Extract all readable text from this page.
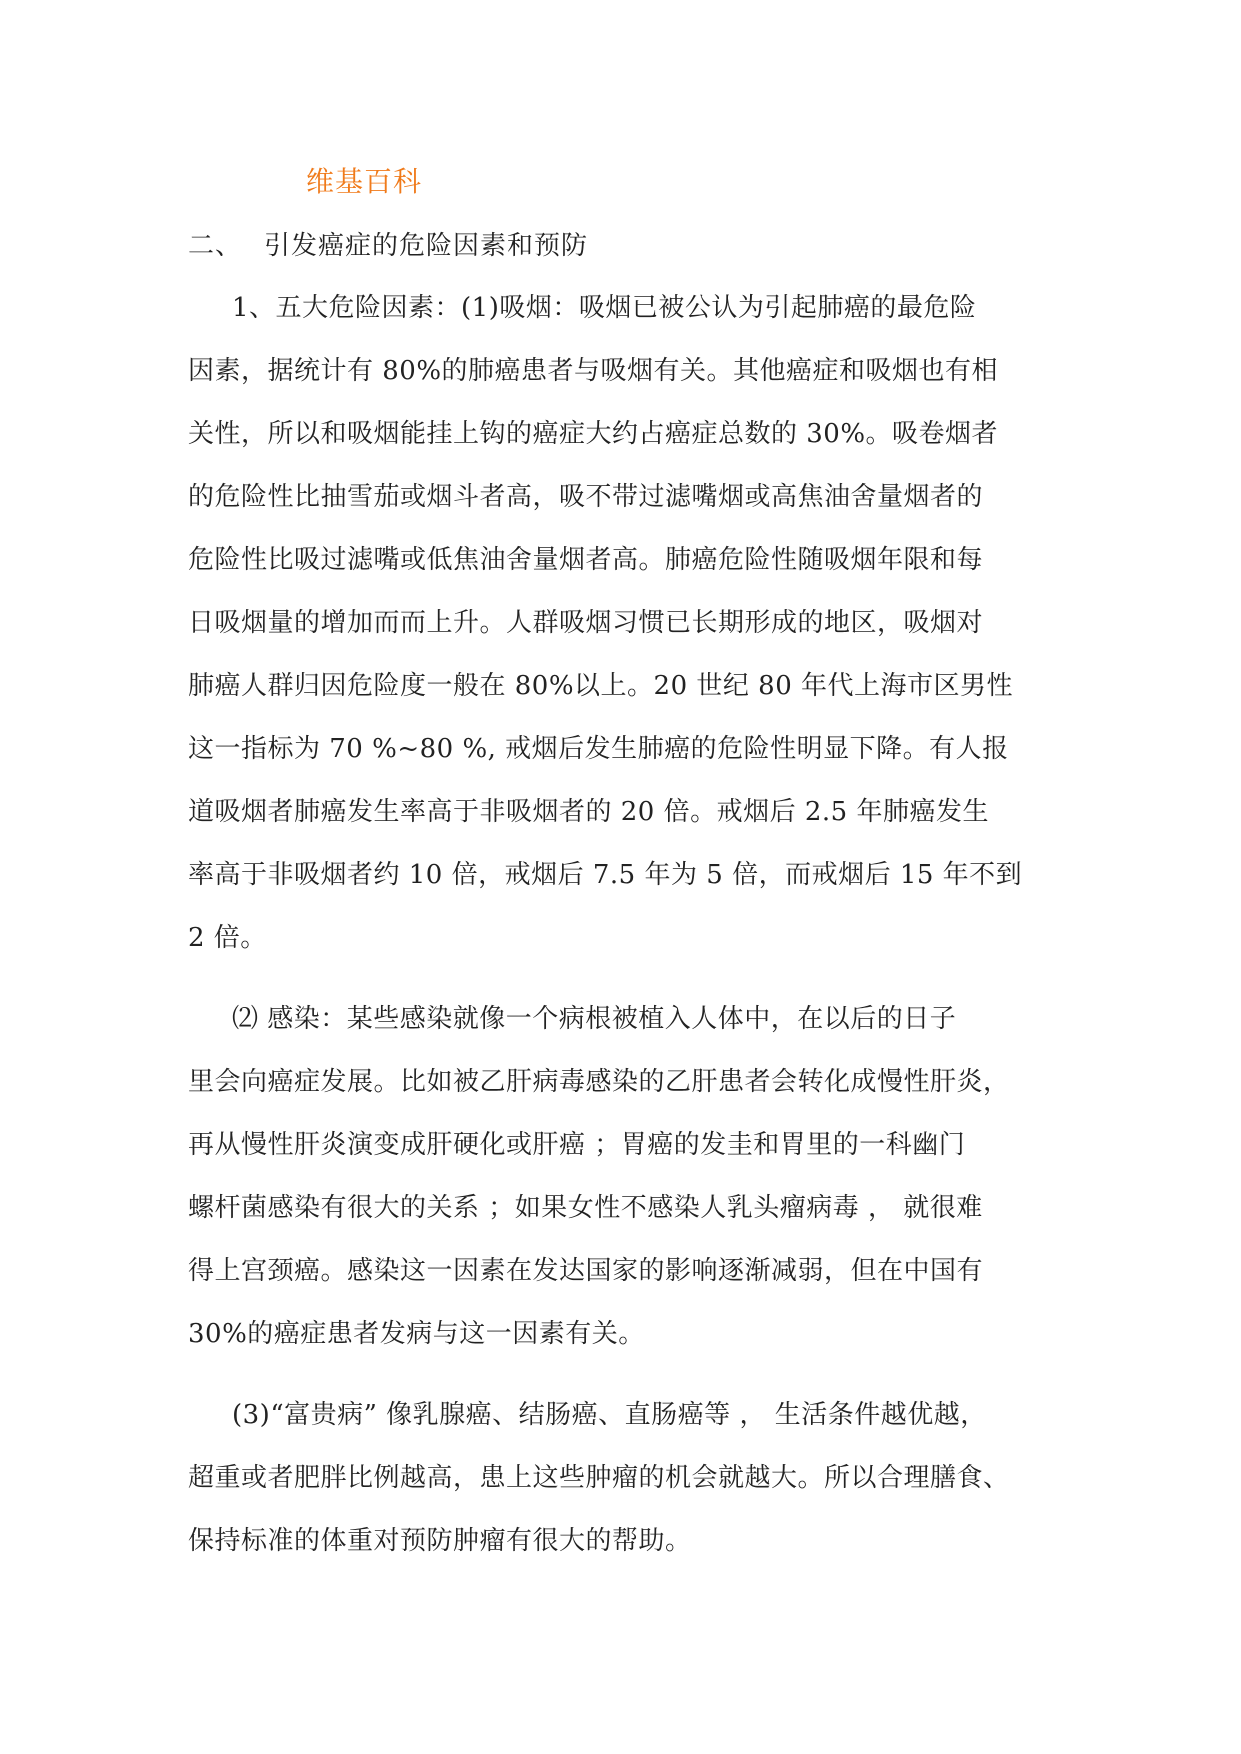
维基百科
二、 引发癌症的危险因素和预防
1、五大危险因素：(1)吸烟：吸烟已被公认为引起肺癌的最危险
因素，据统计有 80%的肺癌患者与吸烟有关。其他癌症和吸烟也有相
关性，所以和吸烟能挂上钩的癌症大约占癌症总数的 30%。吸卷烟者
的危险性比抽雪茄或烟斗者高，吸不带过滤嘴烟或高焦油舍量烟者的
危险性比吸过滤嘴或低焦油舍量烟者高。肺癌危险性随吸烟年限和每
日吸烟量的增加而而上升。人群吸烟习惯已长期形成的地区，吸烟对
肺癌人群归因危险度一般在 80%以上。20 世纪 80 年代上海市区男性
这一指标为 70 %~80 %, 戒烟后发生肺癌的危险性明显下降。有人报
道吸烟者肺癌发生率高于非吸烟者的 20 倍。戒烟后 2.5 年肺癌发生
率高于非吸烟者约 10 倍，戒烟后 7.5 年为 5 倍，而戒烟后 15 年不到
2 倍。
⑵ 感染：某些感染就像一个病根被植入人体中，在以后的日子
里会向癌症发展。比如被乙肝病毒感染的乙肝患者会转化成慢性肝炎，
再从慢性肝炎演变成肝硬化或肝癌 ；胃癌的发圭和胃里的一科幽门
螺杆菌感染有很大的关系 ；如果女性不感染人乳头瘤病毒 ， 就很难
得上宫颈癌。感染这一因素在发达国家的影响逐渐减弱，但在中国有
30%的癌症患者发病与这一因素有关。
(3)“富贵病” 像乳腺癌、结肠癌、直肠癌等 ， 生活条件越优越，
超重或者肥胖比例越高，患上这些肿瘤的机会就越大。所以合理膳食、
保持标准的体重对预防肿瘤有很大的帮助。
